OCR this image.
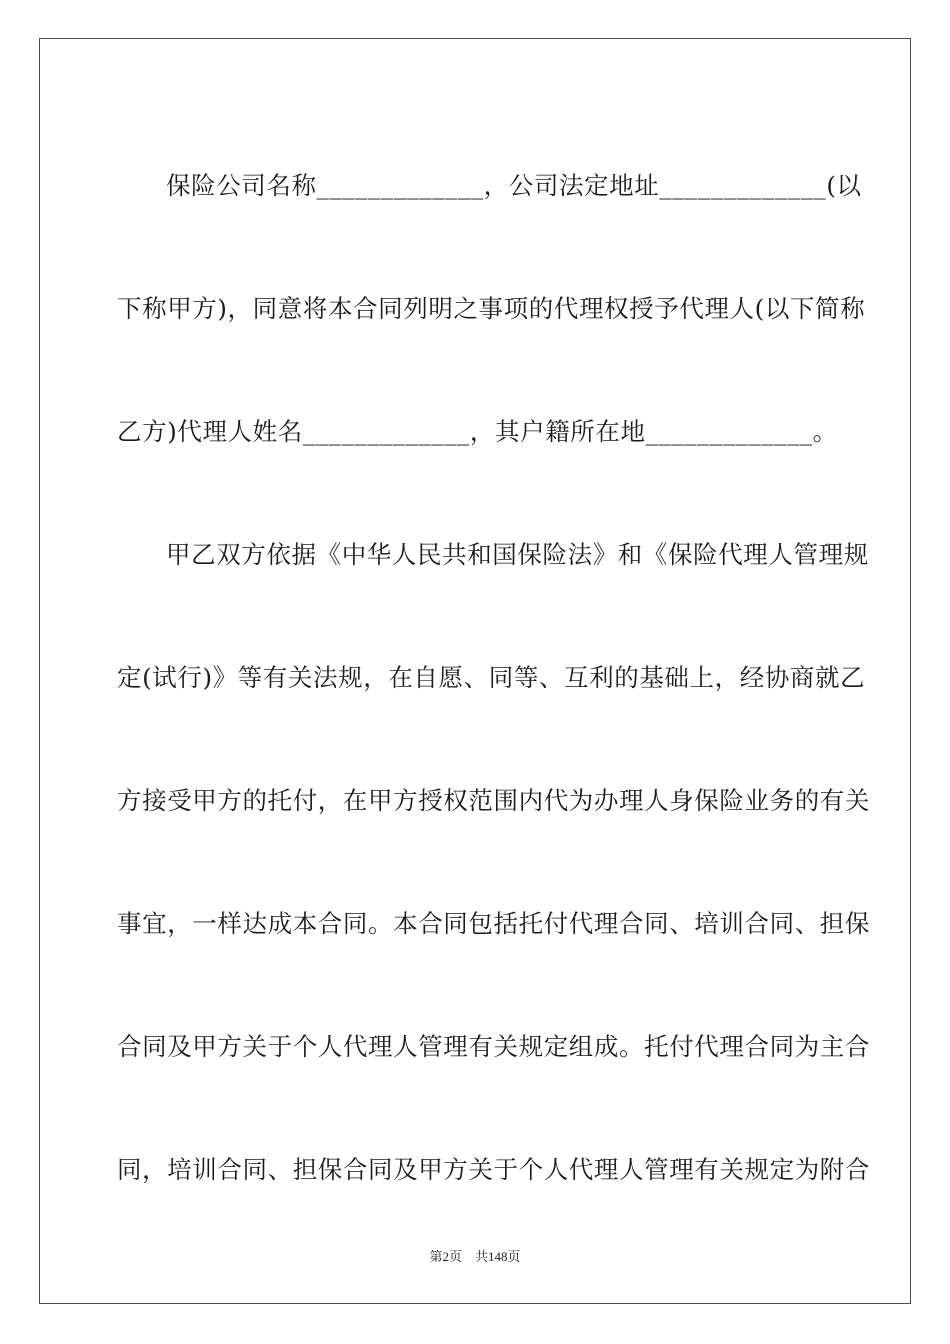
保险公司名称_____________，公司法定地址_____________(以
下称甲方)，同意将本合同列明之事项的代理权授予代理人(以下简称
乙方)代理人姓名_____________，其户籍所在地_____________。
甲乙双方依据《中华人民共和国保险法》和《保险代理人管理规
定(试行)》等有关法规，在自愿、同等、互利的基础上，经协商就乙
方接受甲方的托付，在甲方授权范围内代为办理人身保险业务的有关
事宜，一样达成本合同。本合同包括托付代理合同、培训合同、担保
合同及甲方关于个人代理人管理有关规定组成。托付代理合同为主合
同，培训合同、担保合同及甲方关于个人代理人管理有关规定为附合
第2页　共148页
